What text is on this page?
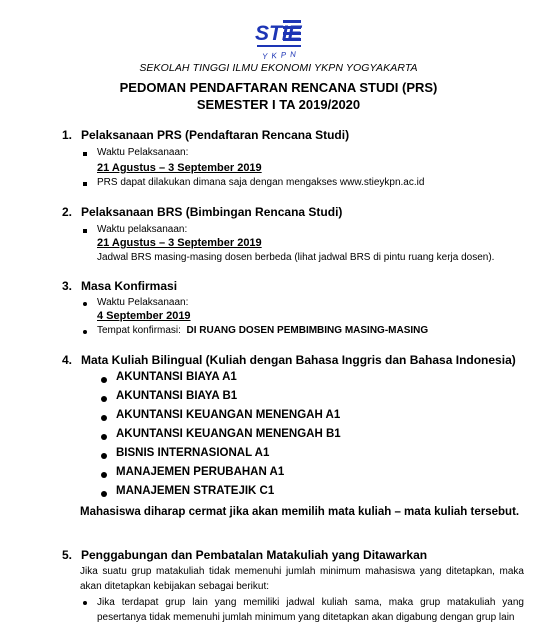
STIE
YKPN
SEKOLAH TINGGI ILMU EKONOMI YKPN YOGYAKARTA
PEDOMAN PENDAFTARAN RENCANA STUDI (PRS)
SEMESTER I TA 2019/2020
1. Pelaksanaan PRS (Pendaftaran Rencana Studi)
Waktu Pelaksanaan:
21 Agustus – 3 September 2019
PRS dapat dilakukan dimana saja dengan mengakses www.stieykpn.ac.id
2. Pelaksanaan BRS (Bimbingan Rencana Studi)
Waktu pelaksanaan:
21 Agustus – 3 September 2019
Jadwal BRS masing-masing dosen berbeda (lihat jadwal BRS di pintu ruang kerja dosen).
3. Masa Konfirmasi
Waktu Pelaksanaan:
4 September 2019
Tempat konfirmasi: DI RUANG DOSEN PEMBIMBING MASING-MASING
4. Mata Kuliah Bilingual (Kuliah dengan Bahasa Inggris dan Bahasa Indonesia)
AKUNTANSI BIAYA A1
AKUNTANSI BIAYA B1
AKUNTANSI KEUANGAN MENENGAH A1
AKUNTANSI KEUANGAN MENENGAH B1
BISNIS INTERNASIONAL A1
MANAJEMEN PERUBAHAN A1
MANAJEMEN STRATEJIK C1
Mahasiswa diharap cermat jika akan memilih mata kuliah – mata kuliah tersebut.
5. Penggabungan dan Pembatalan Matakuliah yang Ditawarkan
Jika suatu grup matakuliah tidak memenuhi jumlah minimum mahasiswa yang ditetapkan, maka akan ditetapkan kebijakan sebagai berikut:
Jika terdapat grup lain yang memiliki jadwal kuliah sama, maka grup matakuliah yang pesertanya tidak memenuhi jumlah minimum yang ditetapkan akan digabung dengan grup lain
